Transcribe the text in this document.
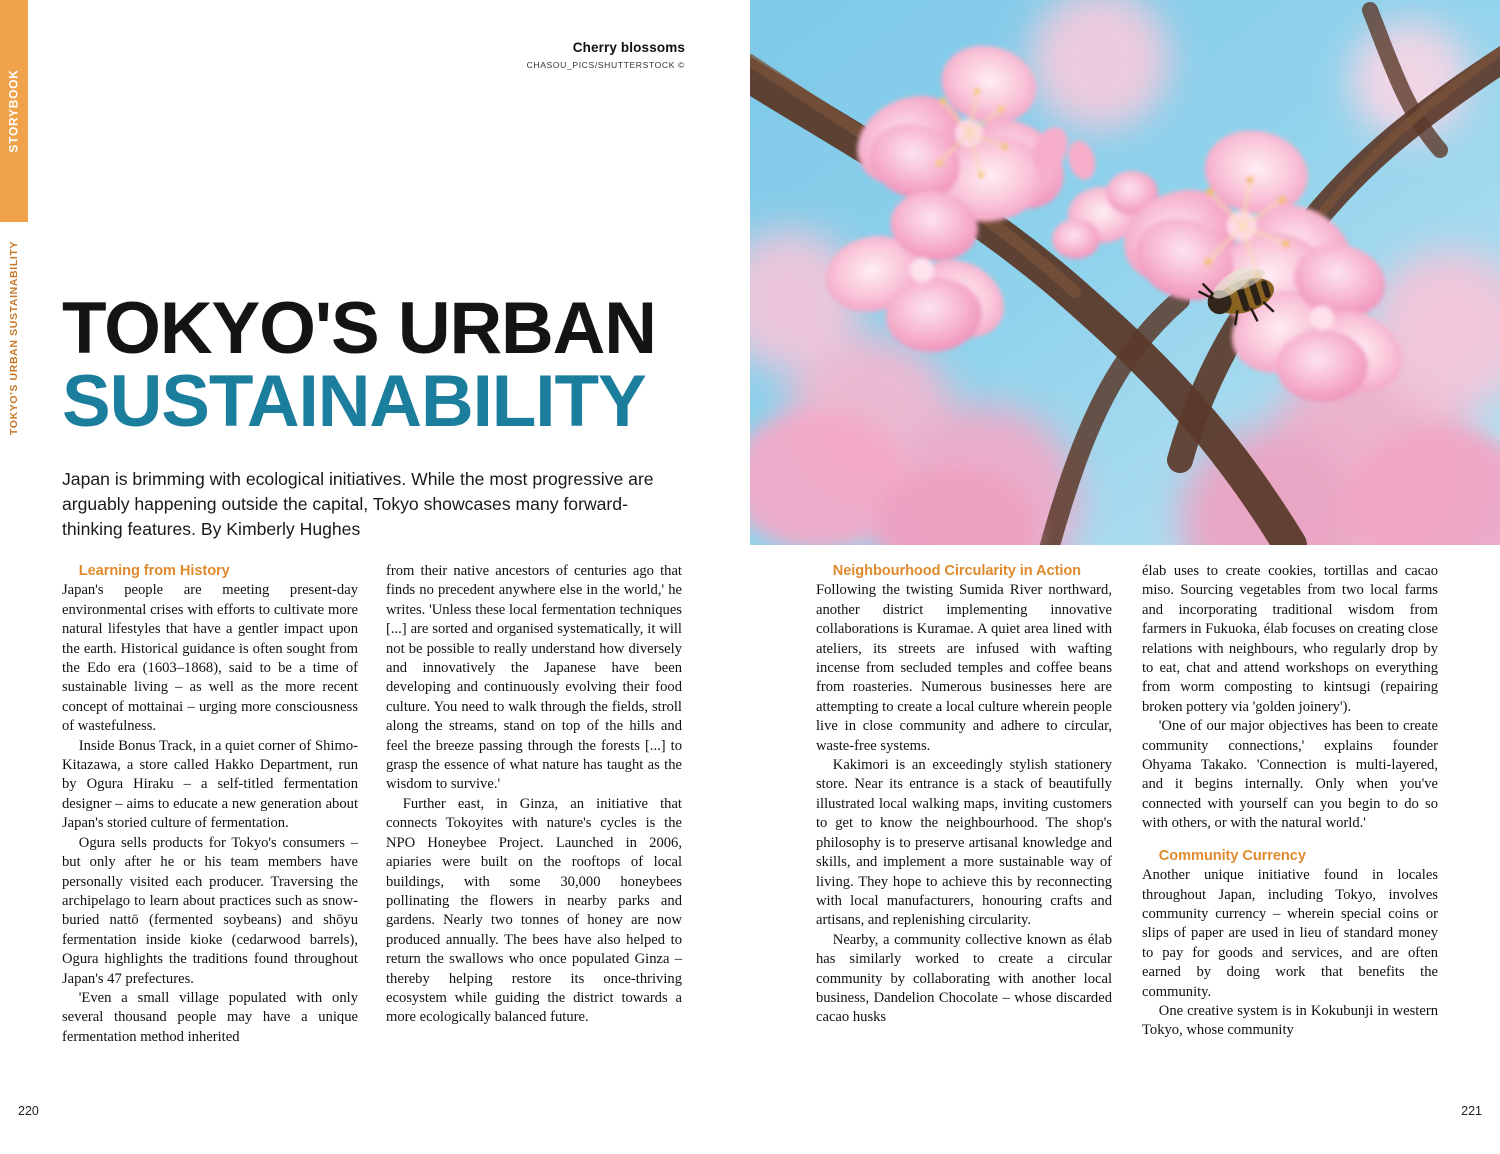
STORYBOOK
TOKYO'S URBAN SUSTAINABILITY
Cherry blossoms
CHASOU_PICS/SHUTTERSTOCK ©
TOKYO'S URBAN
SUSTAINABILITY
Japan is brimming with ecological initiatives. While the most progressive are arguably happening outside the capital, Tokyo showcases many forward-thinking features. By Kimberly Hughes
220	221

Learning from History

Japan's people are meeting present-day environmental crises with efforts to cultivate more natural lifestyles that have a gentler impact upon the earth. Historical guidance is often sought from the Edo era (1603–1868), said to be a time of sustainable living – as well as the more recent concept of mottainai – urging more consciousness of wastefulness.

Inside Bonus Track, in a quiet corner of Shimo-Kitazawa, a store called Hakko Department, run by Ogura Hiraku – a self-titled fermentation designer – aims to educate a new generation about Japan's storied culture of fermentation.

Ogura sells products for Tokyo's consumers – but only after he or his team members have personally visited each producer. Traversing the archipelago to learn about practices such as snow-buried nattō (fermented soybeans) and shōyu fermentation inside kioke (cedarwood barrels), Ogura highlights the traditions found throughout Japan's 47 prefectures.

'Even a small village populated with only several thousand people may have a unique fermentation method inherited

from their native ancestors of centuries ago that finds no precedent anywhere else in the world,' he writes. 'Unless these local fermentation techniques [...] are sorted and organised systematically, it will not be possible to really understand how diversely and innovatively the Japanese have been developing and continuously evolving their food culture. You need to walk through the fields, stroll along the streams, stand on top of the hills and feel the breeze passing through the forests [...] to grasp the essence of what nature has taught as the wisdom to survive.'

Further east, in Ginza, an initiative that connects Tokoyites with nature's cycles is the NPO Honeybee Project. Launched in 2006, apiaries were built on the rooftops of local buildings, with some 30,000 honeybees pollinating the flowers in nearby parks and gardens. Nearly two tonnes of honey are now produced annually. The bees have also helped to return the swallows who once populated Ginza – thereby helping restore its once-thriving ecosystem while guiding the district towards a more ecologically balanced future.

Neighbourhood Circularity in Action

Following the twisting Sumida River northward, another district implementing innovative collaborations is Kuramae. A quiet area lined with ateliers, its streets are infused with wafting incense from secluded temples and coffee beans from roasteries. Numerous businesses here are attempting to create a local culture wherein people live in close community and adhere to circular, waste-free systems.

Kakimori is an exceedingly stylish stationery store. Near its entrance is a stack of beautifully illustrated local walking maps, inviting customers to get to know the neighbourhood. The shop's philosophy is to preserve artisanal knowledge and skills, and implement a more sustainable way of living. They hope to achieve this by reconnecting with local manufacturers, honouring crafts and artisans, and replenishing circularity.

Nearby, a community collective known as élab has similarly worked to create a circular community by collaborating with another local business, Dandelion Chocolate – whose discarded cacao husks

élab uses to create cookies, tortillas and cacao miso. Sourcing vegetables from two local farms and incorporating traditional wisdom from farmers in Fukuoka, élab focuses on creating close relations with neighbours, who regularly drop by to eat, chat and attend workshops on everything from worm composting to kintsugi (repairing broken pottery via 'golden joinery').

'One of our major objectives has been to create community connections,' explains founder Ohyama Takako. 'Connection is multi-layered, and it begins internally. Only when you've connected with yourself can you begin to do so with others, or with the natural world.'

Community Currency

Another unique initiative found in locales throughout Japan, including Tokyo, involves community currency – wherein special coins or slips of paper are used in lieu of standard money to pay for goods and services, and are often earned by doing work that benefits the community.

One creative system is in Kokubunji in western Tokyo, whose community
